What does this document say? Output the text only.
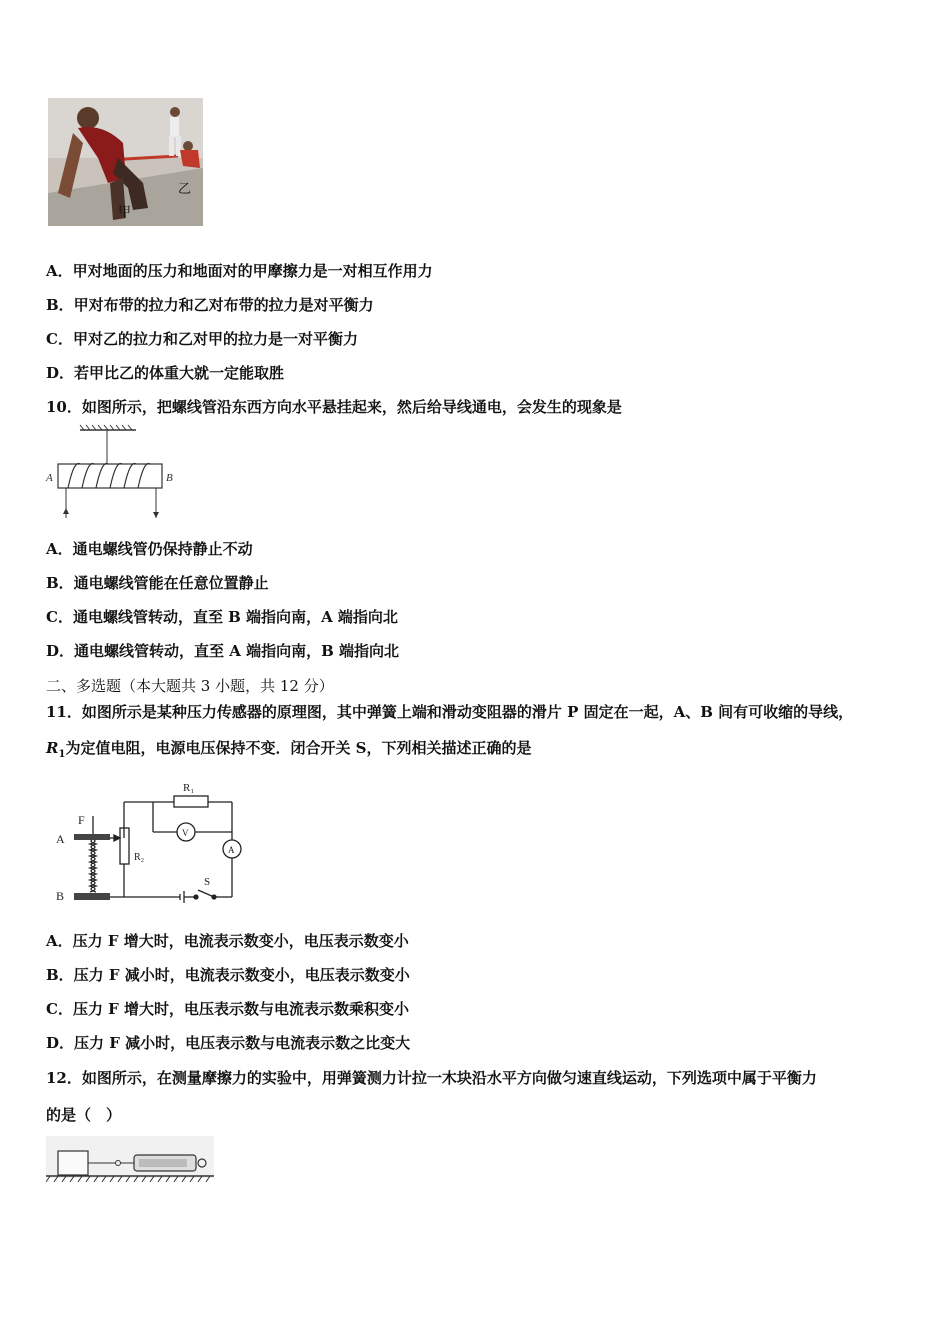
乙
甲
A．甲对地面的压力和地面对的甲摩擦力是一对相互作用力
B．甲对布带的拉力和乙对布带的拉力是对平衡力
C．甲对乙的拉力和乙对甲的拉力是一对平衡力
D．若甲比乙的体重大就一定能取胜
10．如图所示，把螺线管沿东西方向水平悬挂起来，然后给导线通电，会发生的现象是
A	B
A．通电螺线管仍保持静止不动
B．通电螺线管能在任意位置静止
C．通电螺线管转动，直至 B 端指向南，A 端指向北
D．通电螺线管转动，直至 A 端指向南，B 端指向北
二、多选题（本大题共 3 小题，共 12 分）
11．如图所示是某种压力传感器的原理图，其中弹簧上端和滑动变阻器的滑片 P 固定在一起，A、B 间有可收缩的导线，
$R_1$为定值电阻，电源电压保持不变．闭合开关 S，下列相关描述正确的是
R₁
R₂
V
A
F
A
B
S
A．压力 F 增大时，电流表示数变小，电压表示数变小
B．压力 F 减小时，电流表示数变小，电压表示数变小
C．压力 F 增大时，电压表示数与电流表示数乘积变小
D．压力 F 减小时，电压表示数与电流表示数之比变大
12．如图所示，在测量摩擦力的实验中，用弹簧测力计拉一木块沿水平方向做匀速直线运动，下列选项中属于平衡力
的是（　）
